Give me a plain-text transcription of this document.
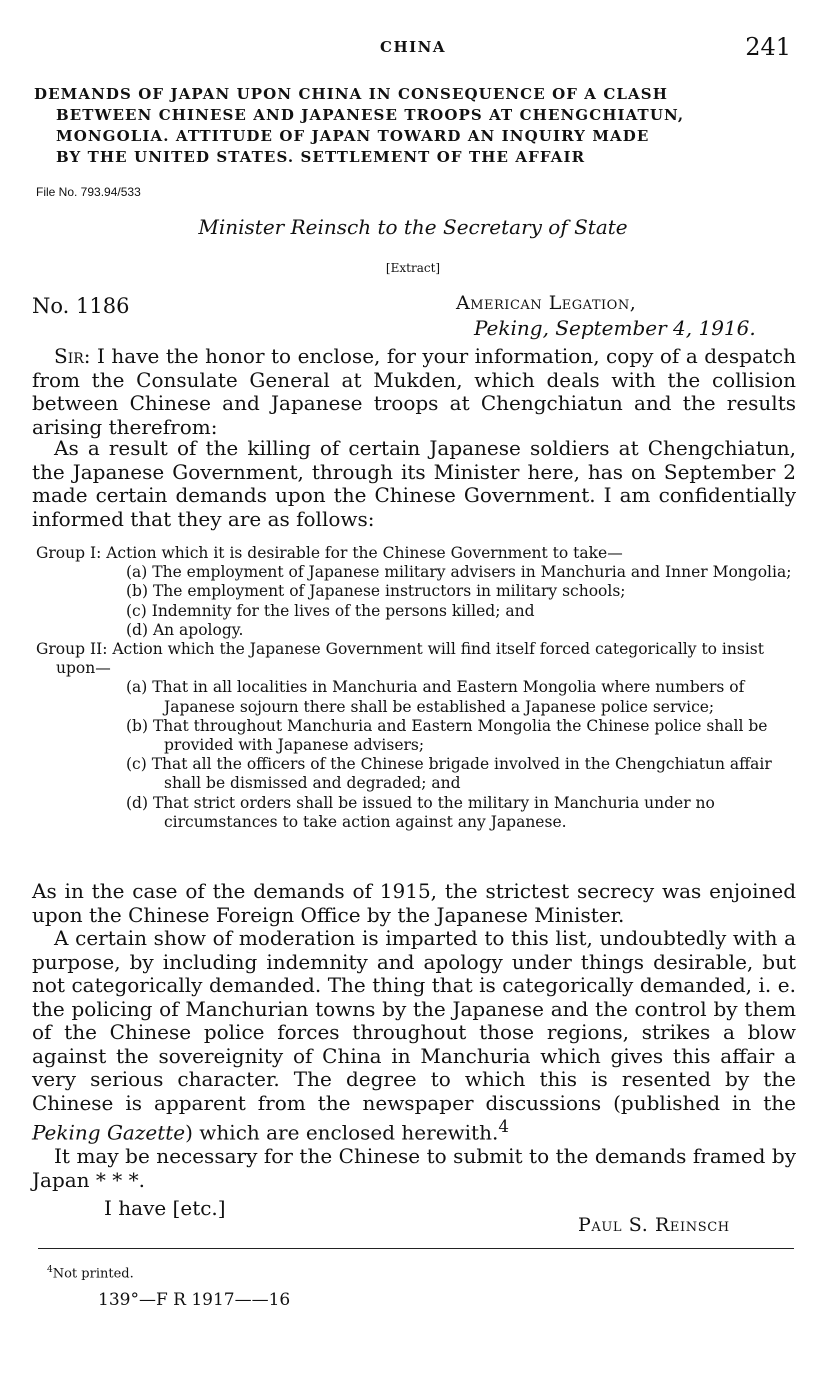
CHINA	241
DEMANDS OF JAPAN UPON CHINA IN CONSEQUENCE OF A CLASH
BETWEEN CHINESE AND JAPANESE TROOPS AT CHENGCHIATUN,
MONGOLIA. ATTITUDE OF JAPAN TOWARD AN INQUIRY MADE
BY THE UNITED STATES. SETTLEMENT OF THE AFFAIR
File No. 793.94/533
Minister Reinsch to the Secretary of State
[Extract]
No. 1186	American Legation,
Peking, September 4, 1916.

Sir: I have the honor to enclose, for your information, copy of a despatch from the Consulate General at Mukden, which deals with the collision between Chinese and Japanese troops at Chengchiatun and the results arising therefrom:

As a result of the killing of certain Japanese soldiers at Chengchiatun, the Japanese Government, through its Minister here, has on September 2 made certain demands upon the Chinese Government. I am confidentially informed that they are as follows:

Group I: Action which it is desirable for the Chinese Government to take—

(a) The employment of Japanese military advisers in Manchuria and Inner Mongolia;

(b) The employment of Japanese instructors in military schools;

(c) Indemnity for the lives of the persons killed; and

(d) An apology.

Group II: Action which the Japanese Government will find itself forced categorically to insist upon—

(a) That in all localities in Manchuria and Eastern Mongolia where numbers of Japanese sojourn there shall be established a Japanese police service;

(b) That throughout Manchuria and Eastern Mongolia the Chinese police shall be provided with Japanese advisers;

(c) That all the officers of the Chinese brigade involved in the Chengchiatun affair shall be dismissed and degraded; and

(d) That strict orders shall be issued to the military in Manchuria under no circumstances to take action against any Japanese.

As in the case of the demands of 1915, the strictest secrecy was enjoined upon the Chinese Foreign Office by the Japanese Minister.

A certain show of moderation is imparted to this list, undoubtedly with a purpose, by including indemnity and apology under things desirable, but not categorically demanded. The thing that is categorically demanded, i. e. the policing of Manchurian towns by the Japanese and the control by them of the Chinese police forces throughout those regions, strikes a blow against the sovereignity of China in Manchuria which gives this affair a very serious character. The degree to which this is resented by the Chinese is apparent from the newspaper discussions (published in the Peking Gazette) which are enclosed herewith.$^4$

It may be necessary for the Chinese to submit to the demands framed by Japan * * *.

I have [etc.]
Paul S. Reinsch
$^4$Not printed.
139°—F R 1917——16
